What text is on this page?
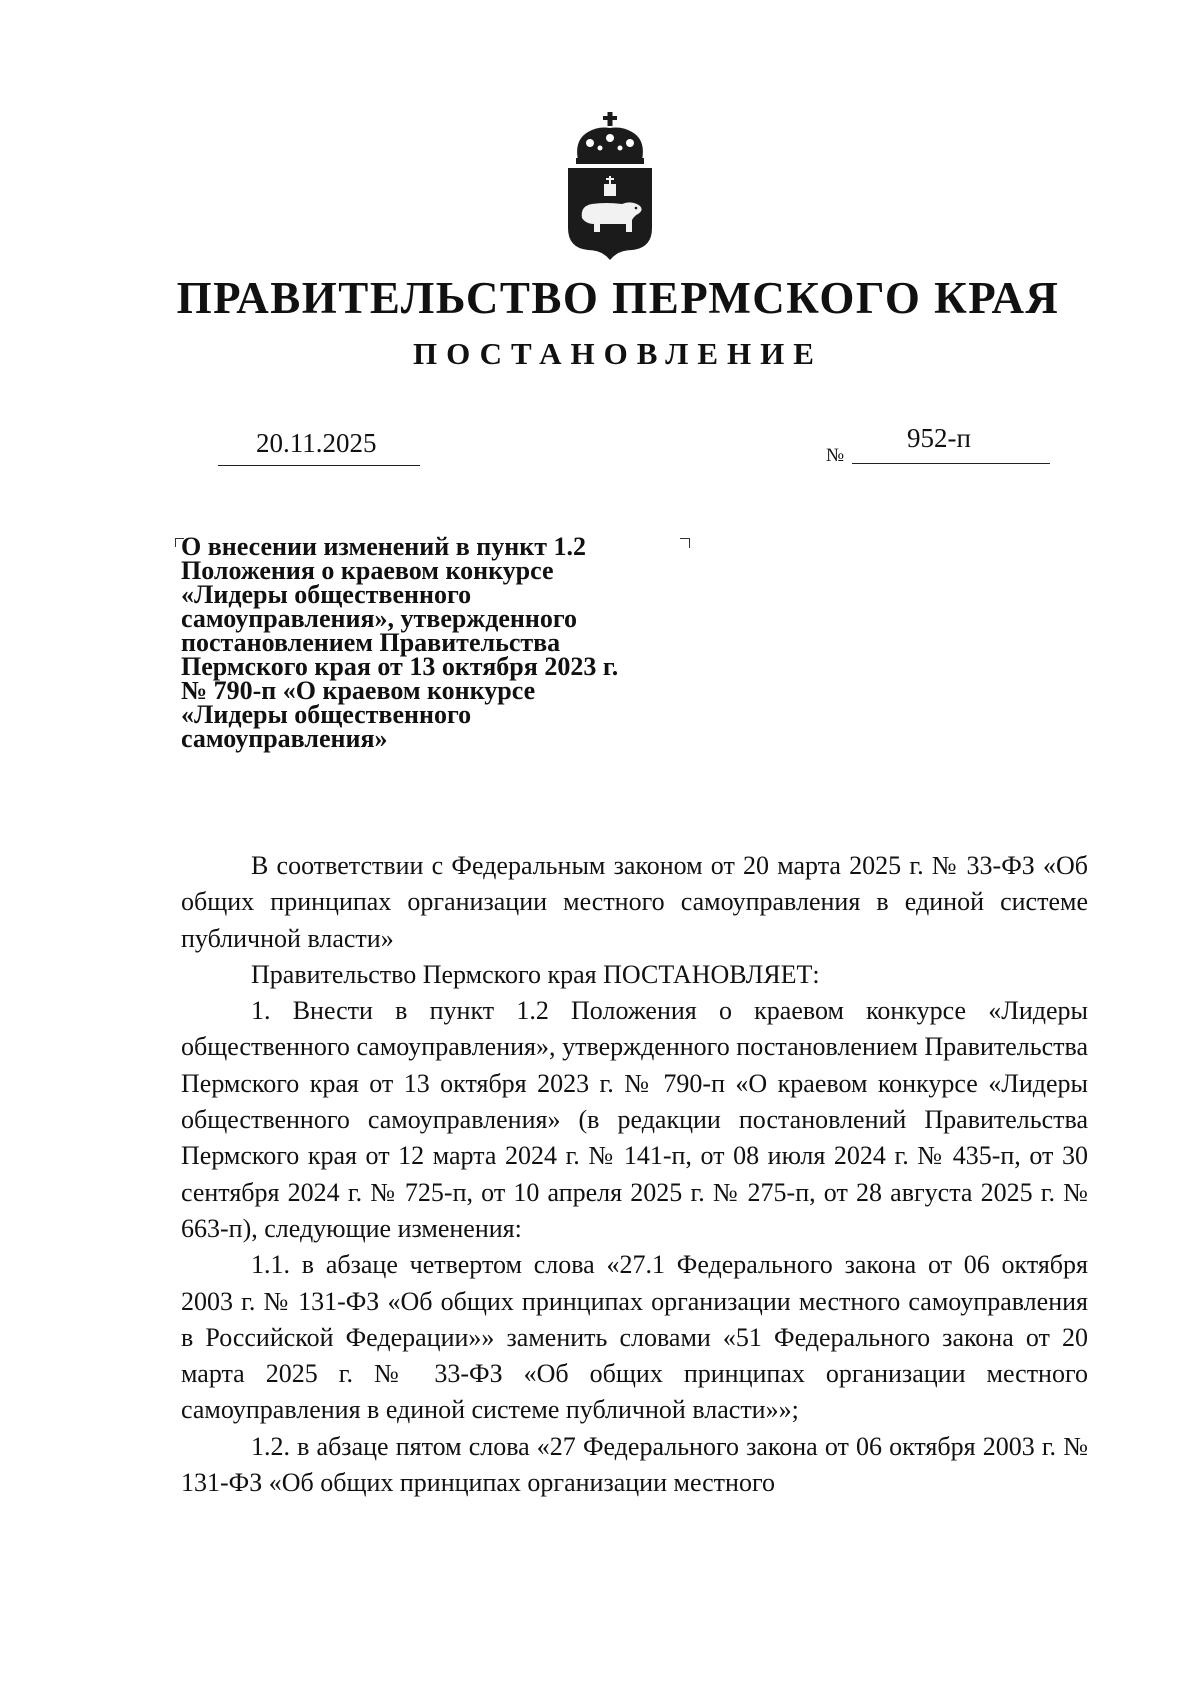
ПРАВИТЕЛЬСТВО ПЕРМСКОГО КРАЯ
ПОСТАНОВЛЕНИЕ
20.11.2025	№
952-п
О внесении изменений в пункт 1.2
Положения о краевом конкурсе
«Лидеры общественного
самоуправления», утвержденного
постановлением Правительства
Пермского края от 13 октября 2023 г.
№ 790-п «О краевом конкурсе
«Лидеры общественного
самоуправления»

В соответствии с Федеральным законом от 20 марта 2025 г. № 33-ФЗ «Об общих принципах организации местного самоуправления в единой системе публичной власти»

Правительство Пермского края ПОСТАНОВЛЯЕТ:

1. Внести в пункт 1.2 Положения о краевом конкурсе «Лидеры общественного самоуправления», утвержденного постановлением Правительства Пермского края от 13 октября 2023 г. № 790-п «О краевом конкурсе «Лидеры общественного самоуправления» (в редакции постановлений Правительства Пермского края от 12 марта 2024 г. № 141-п, от 08 июля 2024 г. № 435-п, от 30 сентября 2024 г. № 725-п, от 10 апреля 2025 г. № 275-п, от 28 августа 2025 г. № 663-п), следующие изменения:

1.1. в абзаце четвертом слова «27.1 Федерального закона от 06 октября 2003 г. № 131-ФЗ «Об общих принципах организации местного самоуправления в Российской Федерации»» заменить словами «51 Федерального закона от 20 марта 2025 г. № 33-ФЗ «Об общих принципах организации местного самоуправления в единой системе публичной власти»»;

1.2. в абзаце пятом слова «27 Федерального закона от 06 октября 2003 г. № 131-ФЗ «Об общих принципах организации местного
